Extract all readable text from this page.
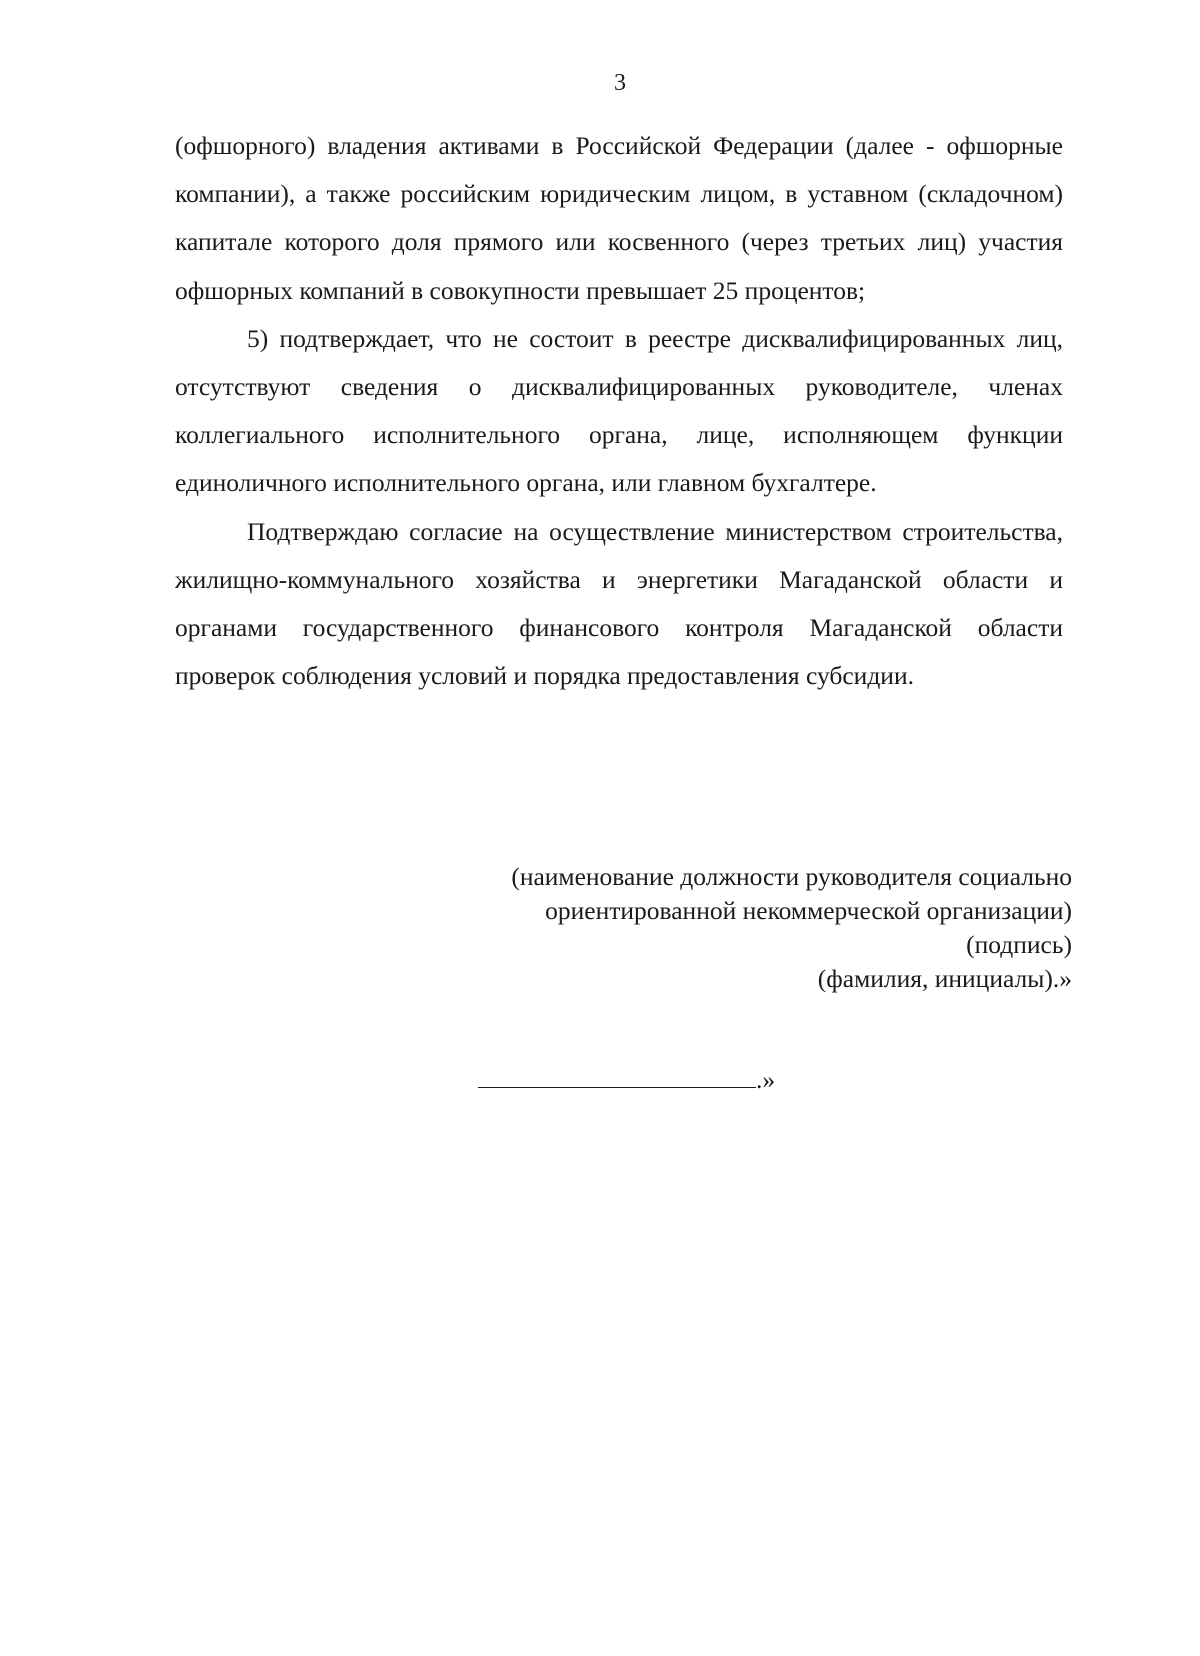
3

(офшорного) владения активами в Российской Федерации (далее - офшорные компании), а также российским юридическим лицом, в уставном (складочном) капитале которого доля прямого или косвенного (через третьих лиц) участия офшорных компаний в совокупности превышает 25 процентов;

5) подтверждает, что не состоит в реестре дисквалифицированных лиц, отсутствуют сведения о дисквалифицированных руководителе, членах коллегиального исполнительного органа, лице, исполняющем функции единоличного исполнительного органа, или главном бухгалтере.

Подтверждаю согласие на осуществление министерством строительства, жилищно-коммунального хозяйства и энергетики Магаданской области и органами государственного финансового контроля Магаданской области проверок соблюдения условий и порядка предоставления субсидии.

(наименование должности руководителя социально
ориентированной некоммерческой организации)
(подпись)
(фамилия, инициалы).»
.»
